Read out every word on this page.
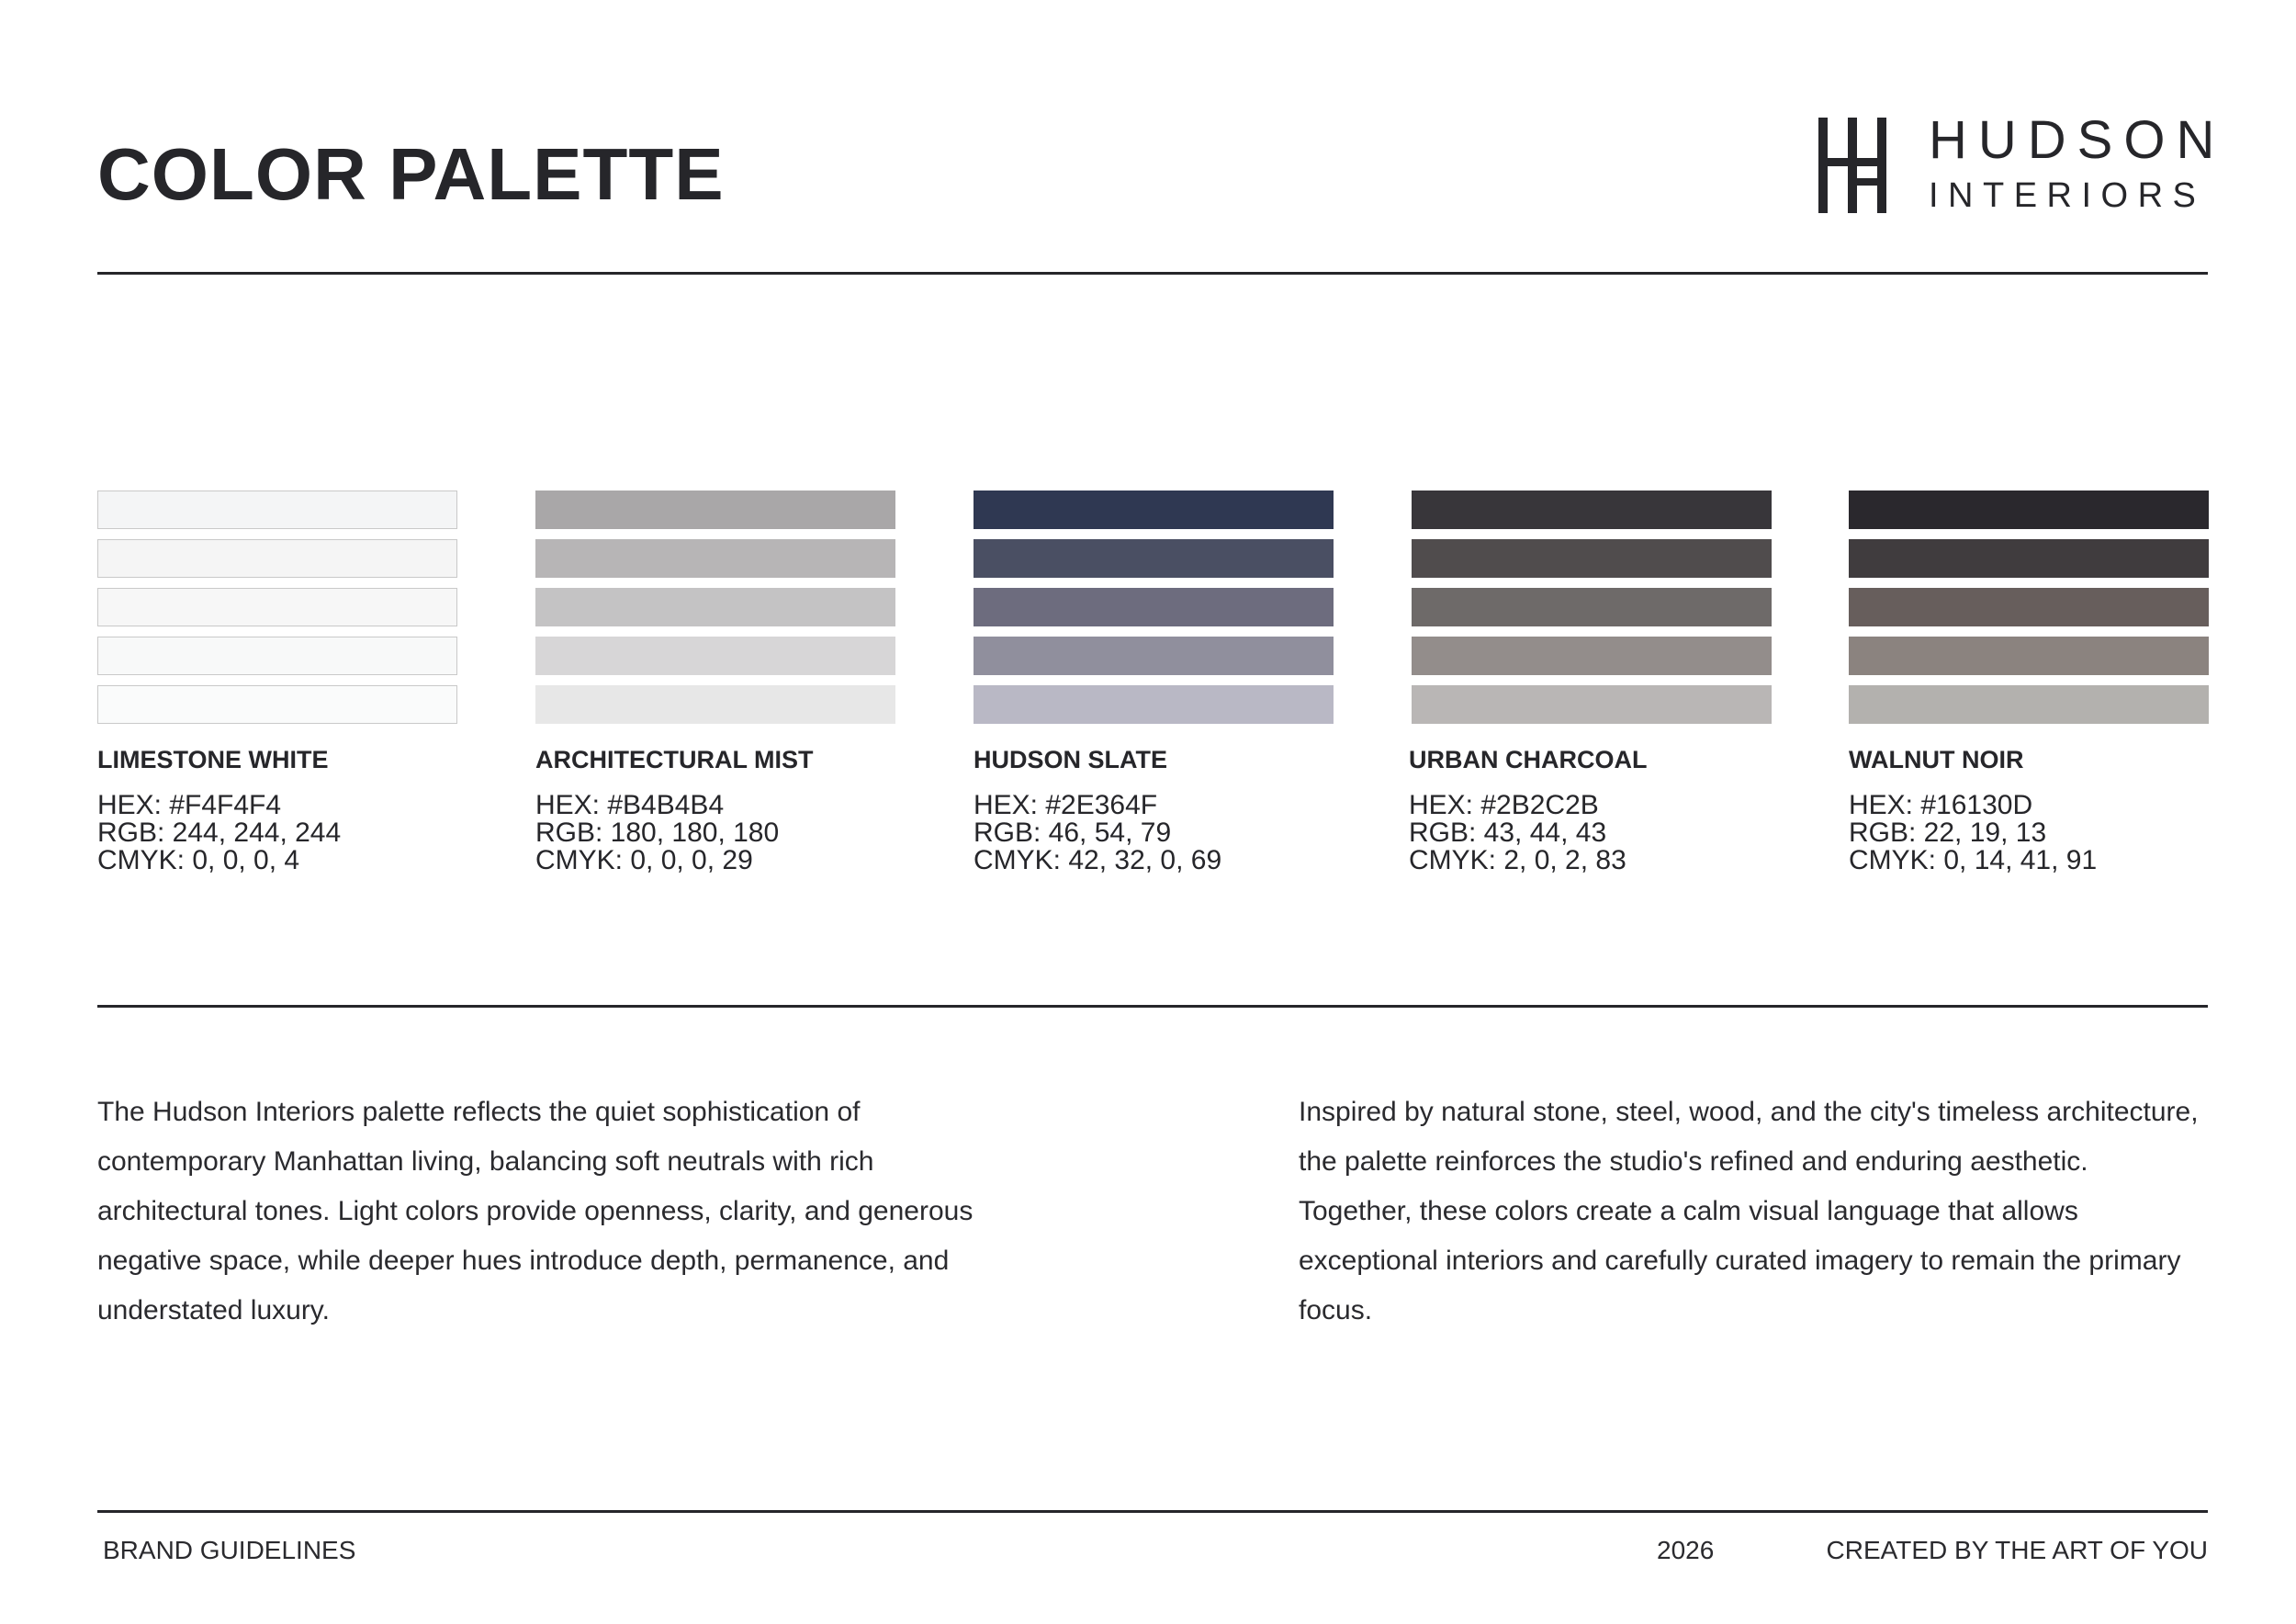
COLOR PALETTE	HUDSON
INTERIORS
LIMESTONE WHITE
HEX: #F4F4F4
RGB: 244, 244, 244
CMYK: 0, 0, 0, 4
ARCHITECTURAL MIST
HEX: #B4B4B4
RGB: 180, 180, 180
CMYK: 0, 0, 0, 29
HUDSON SLATE
HEX: #2E364F
RGB: 46, 54, 79
CMYK: 42, 32, 0, 69
URBAN CHARCOAL
HEX: #2B2C2B
RGB: 43, 44, 43
CMYK: 2, 0, 2, 83
WALNUT NOIR
HEX: #16130D
RGB: 22, 19, 13
CMYK: 0, 14, 41, 91
The Hudson Interiors palette reflects the quiet sophistication of contemporary Manhattan living, balancing soft neutrals with rich architectural tones. Light colors provide openness, clarity, and generous negative space, while deeper hues introduce depth, permanence, and understated luxury.
Inspired by natural stone, steel, wood, and the city's timeless architecture, the palette reinforces the studio's refined and enduring aesthetic. Together, these colors create a calm visual language that allows exceptional interiors and carefully curated imagery to remain the primary focus.
BRAND GUIDELINES	2026	CREATED BY THE ART OF YOU
